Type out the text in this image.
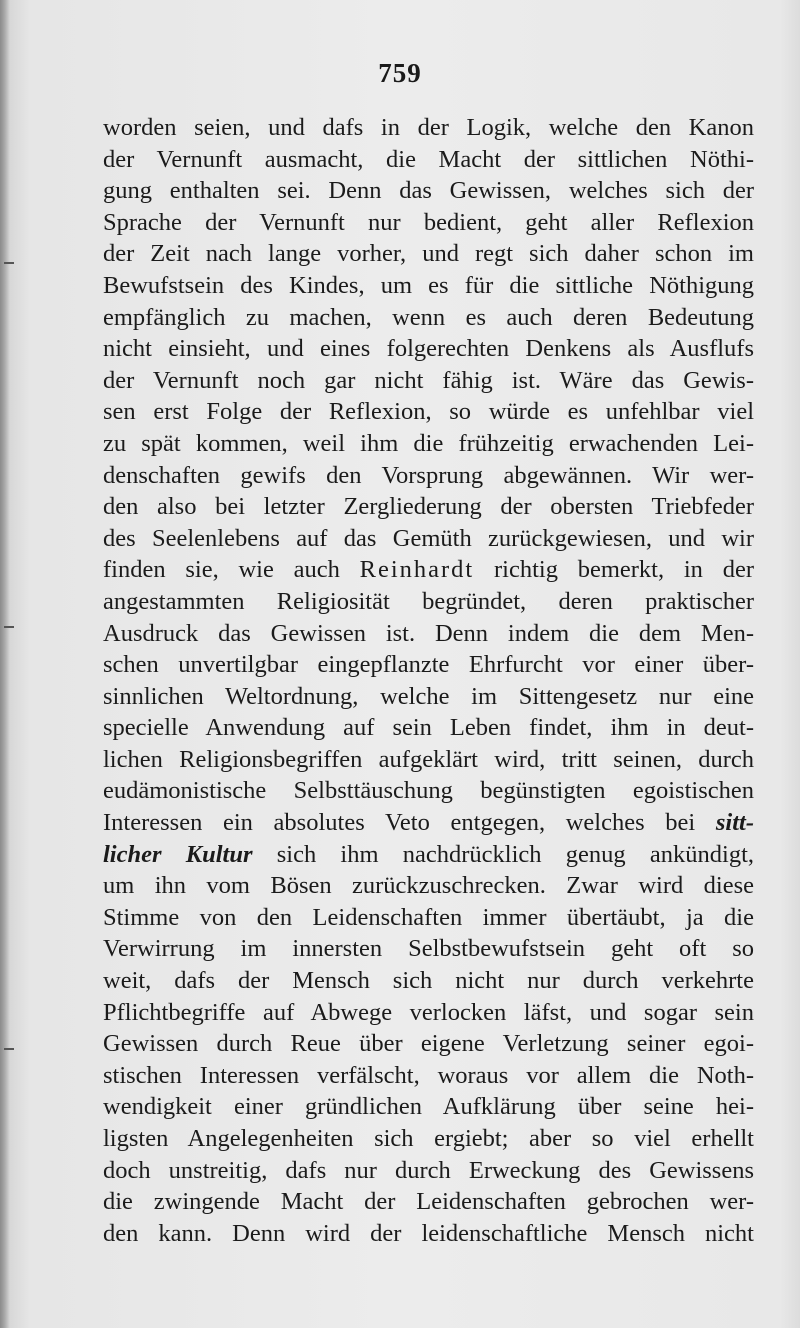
759
worden seien, und dafs in der Logik, welche den Kanon
der Vernunft ausmacht, die Macht der sittlichen Nöthi-
gung enthalten sei. Denn das Gewissen, welches sich der
Sprache der Vernunft nur bedient, geht aller Reflexion
der Zeit nach lange vorher, und regt sich daher schon im
Bewufstsein des Kindes, um es für die sittliche Nöthigung
empfänglich zu machen, wenn es auch deren Bedeutung
nicht einsieht, und eines folgerechten Denkens als Ausflufs
der Vernunft noch gar nicht fähig ist. Wäre das Gewis-
sen erst Folge der Reflexion, so würde es unfehlbar viel
zu spät kommen, weil ihm die frühzeitig erwachenden Lei-
denschaften gewifs den Vorsprung abgewännen. Wir wer-
den also bei letzter Zergliederung der obersten Triebfeder
des Seelenlebens auf das Gemüth zurückgewiesen, und wir
finden sie, wie auch Reinhardt richtig bemerkt, in der
angestammten Religiosität begründet, deren praktischer
Ausdruck das Gewissen ist. Denn indem die dem Men-
schen unvertilgbar eingepflanzte Ehrfurcht vor einer über-
sinnlichen Weltordnung, welche im Sittengesetz nur eine
specielle Anwendung auf sein Leben findet, ihm in deut-
lichen Religionsbegriffen aufgeklärt wird, tritt seinen, durch
eudämonistische Selbsttäuschung begünstigten egoistischen
Interessen ein absolutes Veto entgegen, welches bei sitt-
licher Kultur sich ihm nachdrücklich genug ankündigt,
um ihn vom Bösen zurückzuschrecken. Zwar wird diese
Stimme von den Leidenschaften immer übertäubt, ja die
Verwirrung im innersten Selbstbewufstsein geht oft so
weit, dafs der Mensch sich nicht nur durch verkehrte
Pflichtbegriffe auf Abwege verlocken läfst, und sogar sein
Gewissen durch Reue über eigene Verletzung seiner egoi-
stischen Interessen verfälscht, woraus vor allem die Noth-
wendigkeit einer gründlichen Aufklärung über seine hei-
ligsten Angelegenheiten sich ergiebt; aber so viel erhellt
doch unstreitig, dafs nur durch Erweckung des Gewissens
die zwingende Macht der Leidenschaften gebrochen wer-
den kann. Denn wird der leidenschaftliche Mensch nicht
